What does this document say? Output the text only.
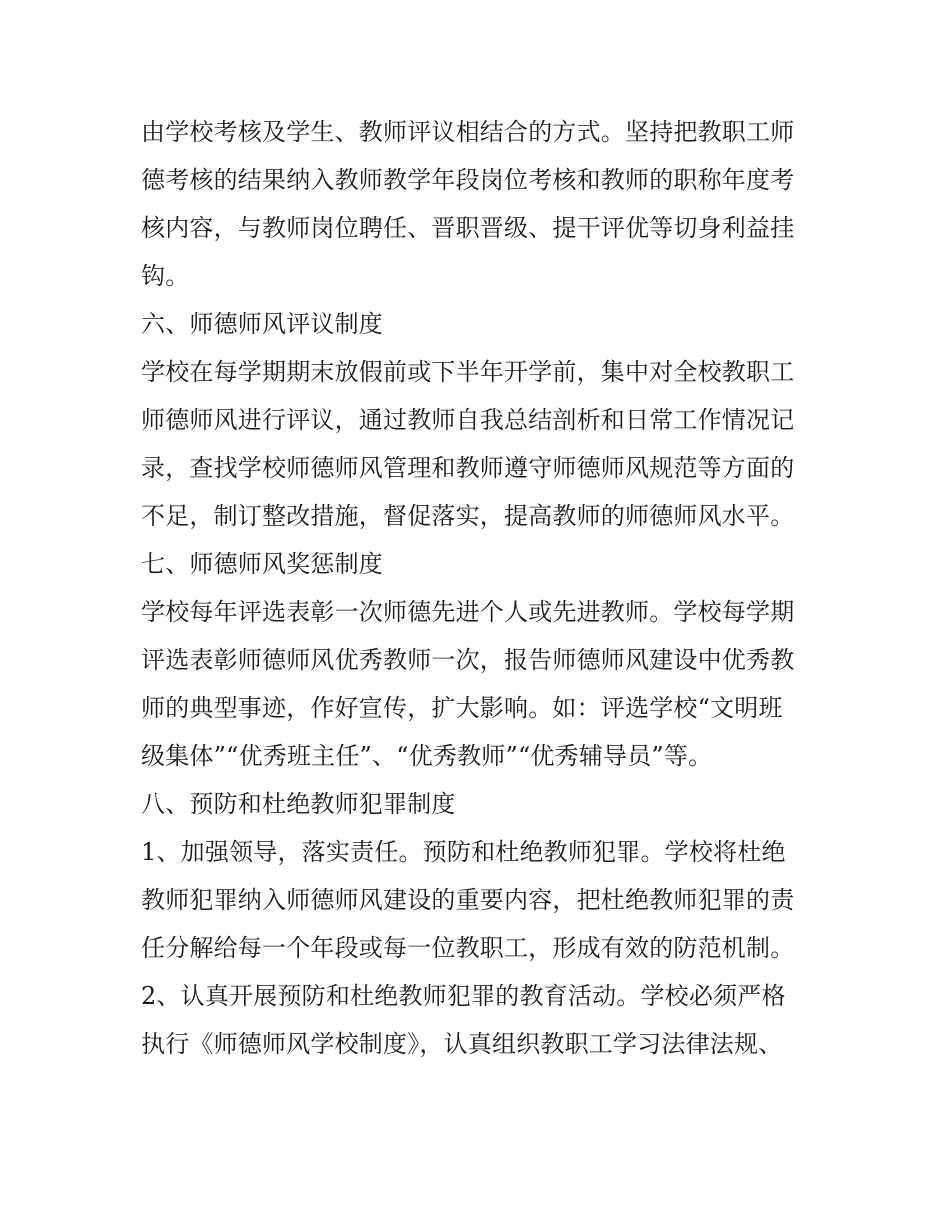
由学校考核及学生、教师评议相结合的方式。坚持把教职工师
德考核的结果纳入教师教学年段岗位考核和教师的职称年度考
核内容，与教师岗位聘任、晋职晋级、提干评优等切身利益挂
钩。
六、师德师风评议制度
学校在每学期期末放假前或下半年开学前，集中对全校教职工
师德师风进行评议，通过教师自我总结剖析和日常工作情况记
录，查找学校师德师风管理和教师遵守师德师风规范等方面的
不足，制订整改措施，督促落实，提高教师的师德师风水平。
七、师德师风奖惩制度
学校每年评选表彰一次师德先进个人或先进教师。学校每学期
评选表彰师德师风优秀教师一次，报告师德师风建设中优秀教
师的典型事迹，作好宣传，扩大影响。如：评选学校“文明班
级集体”“优秀班主任”、“优秀教师”“优秀辅导员”等。
八、预防和杜绝教师犯罪制度
1、加强领导，落实责任。预防和杜绝教师犯罪。学校将杜绝
教师犯罪纳入师德师风建设的重要内容，把杜绝教师犯罪的责
任分解给每一个年段或每一位教职工，形成有效的防范机制。
2、认真开展预防和杜绝教师犯罪的教育活动。学校必须严格
执行《师德师风学校制度》，认真组织教职工学习法律法规、
